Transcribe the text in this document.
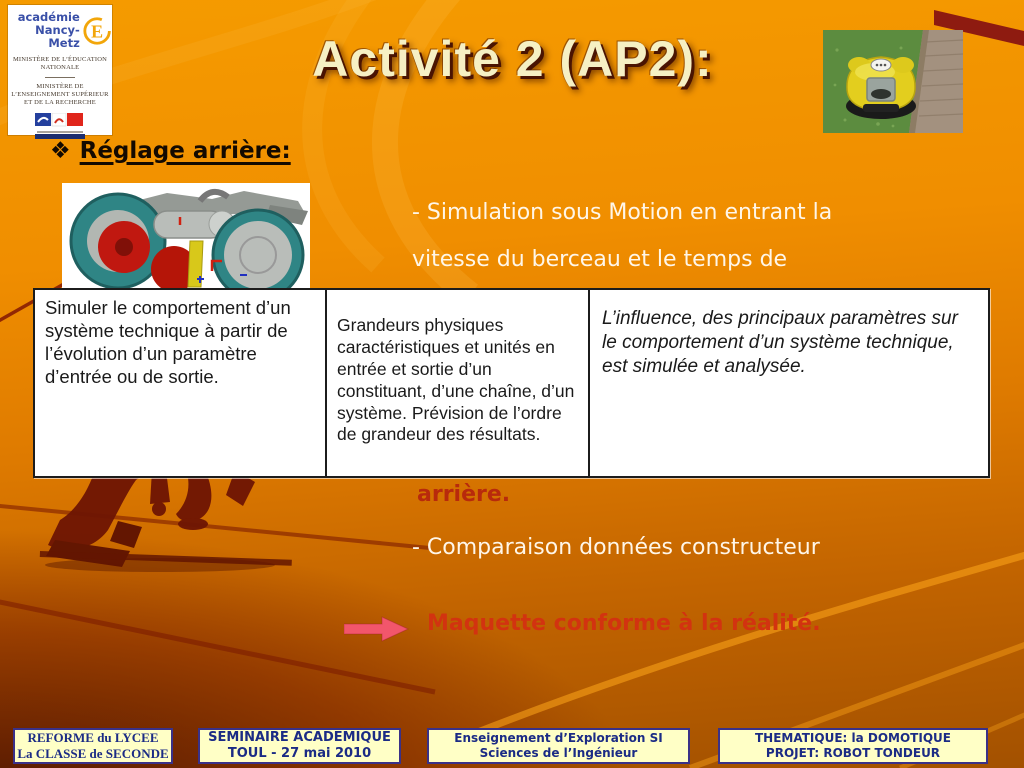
académie
Nancy-Metz
E
MINISTÈRE DE L’ÉDUCATION NATIONALE
MINISTÈRE DE L’ENSEIGNEMENT SUPÉRIEUR ET DE LA RECHERCHE
Activité 2 (AP2):
❖ Réglage arrière:
- Simulation sous Motion en entrant la
vitesse du berceau et le temps de
Simuler le comportement d’un système technique à partir de l’évolution d’un paramètre d’entrée ou de sortie.
Grandeurs physiques caractéristiques et unités en entrée et sortie d’un constituant, d’une chaîne, d’un système. Prévision de l’ordre de grandeur des résultats.
L’influence, des principaux paramètres sur le comportement d’un système technique, est simulée et analysée.
arrière.
- Comparaison données constructeur
Maquette conforme à la réalité.
REFORME du LYCEE
La CLASSE de SECONDE
SEMINAIRE ACADEMIQUE
TOUL - 27 mai 2010
Enseignement d’Exploration SI
Sciences de l’Ingénieur
THEMATIQUE: la DOMOTIQUE
PROJET: ROBOT TONDEUR
